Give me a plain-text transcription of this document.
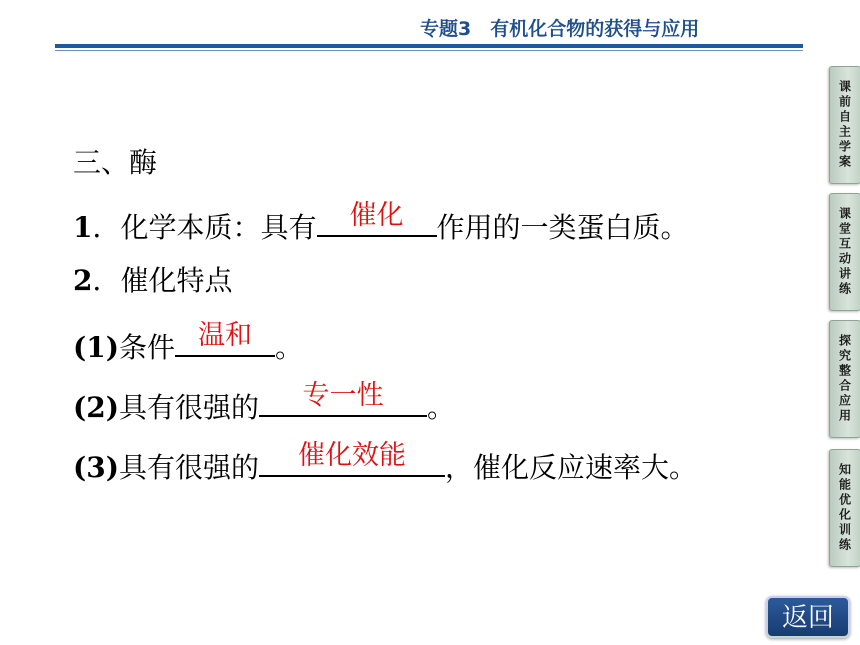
专题3　有机化合物的获得与应用
三、酶
1．化学本质：具有	催化	作用的一类蛋白质。
2．催化特点
(1)条件 温和 。
(2)具有很强的	专一性	。
(3)具有很强的	催化效能	，催化反应速率大。
课前自主学案
课堂互动讲练
探究整合应用
知能优化训练
返回
